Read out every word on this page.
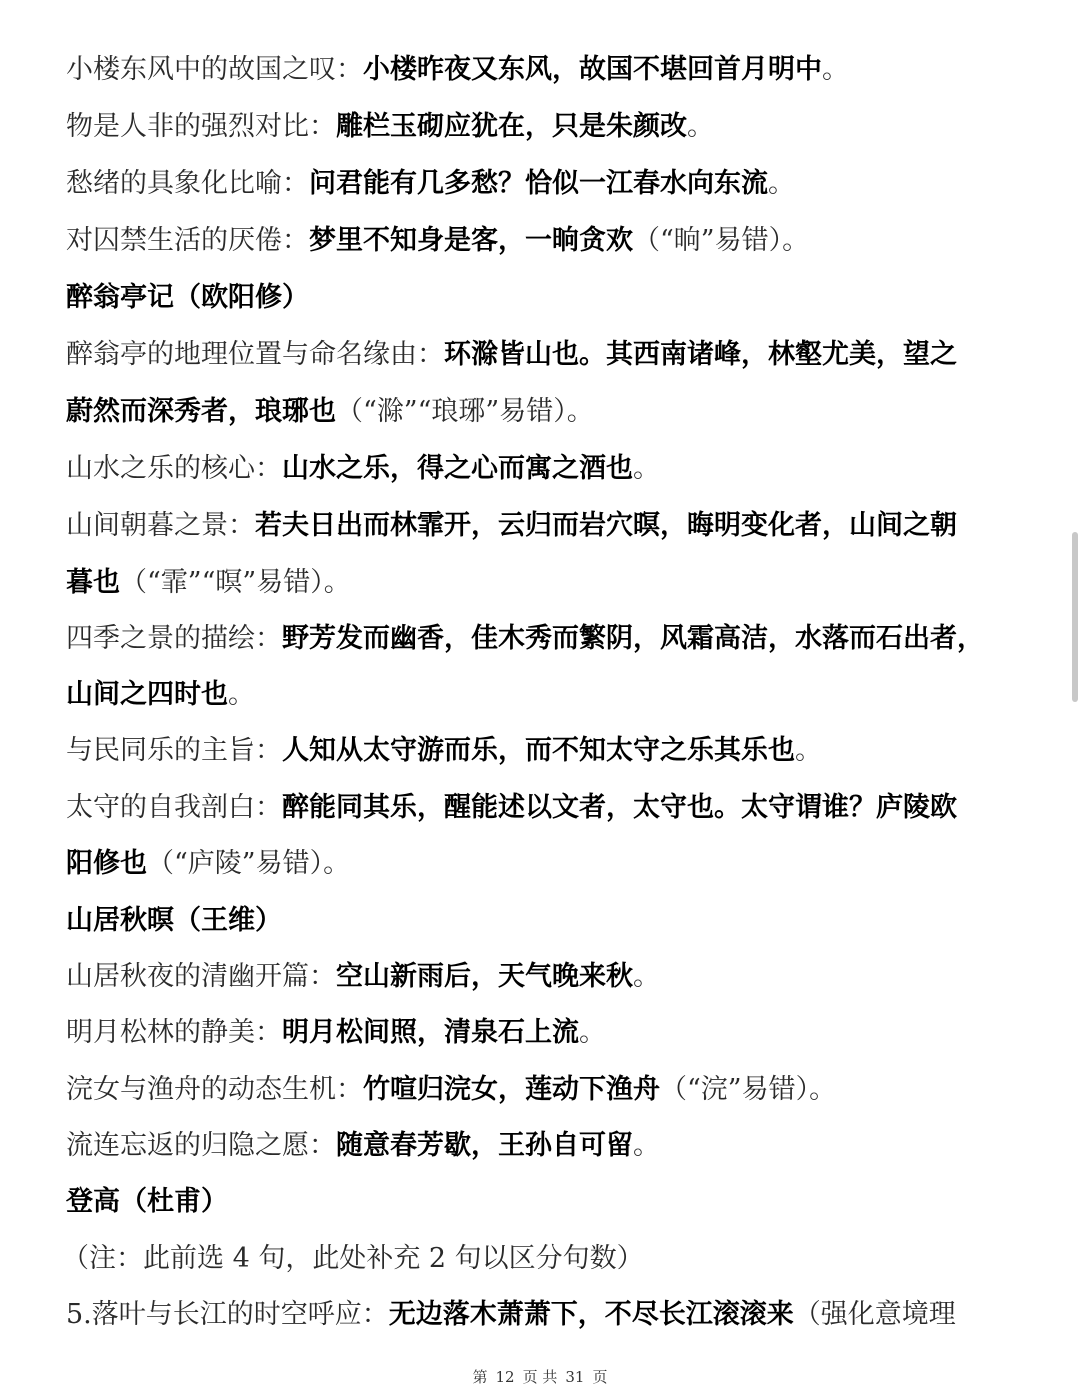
小楼东风中的故国之叹：小楼昨夜又东风，故国不堪回首月明中。
物是人非的强烈对比：雕栏玉砌应犹在，只是朱颜改。
愁绪的具象化比喻：问君能有几多愁？恰似一江春水向东流。
对囚禁生活的厌倦：梦里不知身是客，一晌贪欢（“晌”易错）。
醉翁亭记（欧阳修）
醉翁亭的地理位置与命名缘由：环滁皆山也。其西南诸峰，林壑尤美，望之
蔚然而深秀者，琅琊也（“滁”“琅琊”易错）。
山水之乐的核心：山水之乐，得之心而寓之酒也。
山间朝暮之景：若夫日出而林霏开，云归而岩穴暝，晦明变化者，山间之朝
暮也（“霏”“暝”易错）。
四季之景的描绘：野芳发而幽香，佳木秀而繁阴，风霜高洁，水落而石出者，
山间之四时也。
与民同乐的主旨：人知从太守游而乐，而不知太守之乐其乐也。
太守的自我剖白：醉能同其乐，醒能述以文者，太守也。太守谓谁？庐陵欧
阳修也（“庐陵”易错）。
山居秋暝（王维）
山居秋夜的清幽开篇：空山新雨后，天气晚来秋。
明月松林的静美：明月松间照，清泉石上流。
浣女与渔舟的动态生机：竹喧归浣女，莲动下渔舟（“浣”易错）。
流连忘返的归隐之愿：随意春芳歇，王孙自可留。
登高（杜甫）
（注：此前选 4 句，此处补充 2 句以区分句数）
5.落叶与长江的时空呼应：无边落木萧萧下，不尽长江滚滚来（强化意境理
第 12 页 共 31 页
